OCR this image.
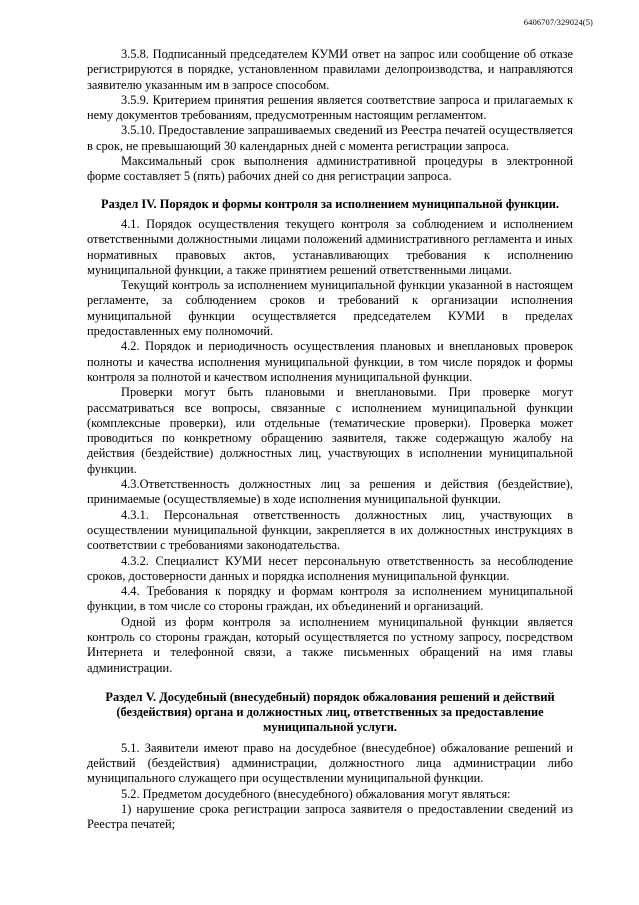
6406707/329024(5)

3.5.8. Подписанный председателем КУМИ ответ на запрос или сообщение об отказе регистрируются в порядке, установленном правилами делопроизводства, и направляются заявителю указанным им в запросе способом.

3.5.9. Критерием принятия решения является соответствие запроса и прилагаемых к нему документов требованиям, предусмотренным настоящим регламентом.

3.5.10. Предоставление запрашиваемых сведений из Реестра печатей осуществляется в срок, не превышающий 30 календарных дней с момента регистрации запроса.

Максимальный срок выполнения административной процедуры в электронной форме составляет 5 (пять) рабочих дней со дня регистрации запроса.

Раздел IV. Порядок и формы контроля за исполнением муниципальной функции.

4.1. Порядок осуществления текущего контроля за соблюдением и исполнением ответственными должностными лицами положений административного регламента и иных нормативных правовых актов, устанавливающих требования к исполнению муниципальной функции, а также принятием решений ответственными лицами.

Текущий контроль за исполнением муниципальной функции указанной в настоящем регламенте, за соблюдением сроков и требований к организации исполнения муниципальной функции осуществляется председателем КУМИ в пределах предоставленных ему полномочий.

4.2. Порядок и периодичность осуществления плановых и внеплановых проверок полноты и качества исполнения муниципальной функции, в том числе порядок и формы контроля за полнотой и качеством исполнения муниципальной функции.

Проверки могут быть плановыми и внеплановыми. При проверке могут рассматриваться все вопросы, связанные с исполнением муниципальной функции (комплексные проверки), или отдельные (тематические проверки). Проверка может проводиться по конкретному обращению заявителя, также содержащую жалобу на действия (бездействие) должностных лиц, участвующих в исполнении муниципальной функции.

4.3.Ответственность должностных лиц за решения и действия (бездействие), принимаемые (осуществляемые) в ходе исполнения муниципальной функции.

4.3.1. Персональная ответственность должностных лиц, участвующих в осуществлении муниципальной функции, закрепляется в их должностных инструкциях в соответствии с требованиями законодательства.

4.3.2. Специалист КУМИ несет персональную ответственность за несоблюдение сроков, достоверности данных и порядка исполнения муниципальной функции.

4.4. Требования к порядку и формам контроля за исполнением муниципальной функции, в том числе со стороны граждан, их объединений и организаций.

Одной из форм контроля за исполнением муниципальной функции является контроль со стороны граждан, который осуществляется по устному запросу, посредством Интернета и телефонной связи, а также письменных обращений на имя главы администрации.

Раздел V. Досудебный (внесудебный) порядок обжалования решений и действий (бездействия) органа и должностных лиц, ответственных за предоставление муниципальной услуги.

5.1. Заявители имеют право на досудебное (внесудебное) обжалование решений и действий (бездействия) администрации, должностного лица администрации либо муниципального служащего при осуществлении муниципальной функции.

5.2. Предметом досудебного (внесудебного) обжалования могут являться:

1) нарушение срока регистрации запроса заявителя о предоставлении сведений из Реестра печатей;
